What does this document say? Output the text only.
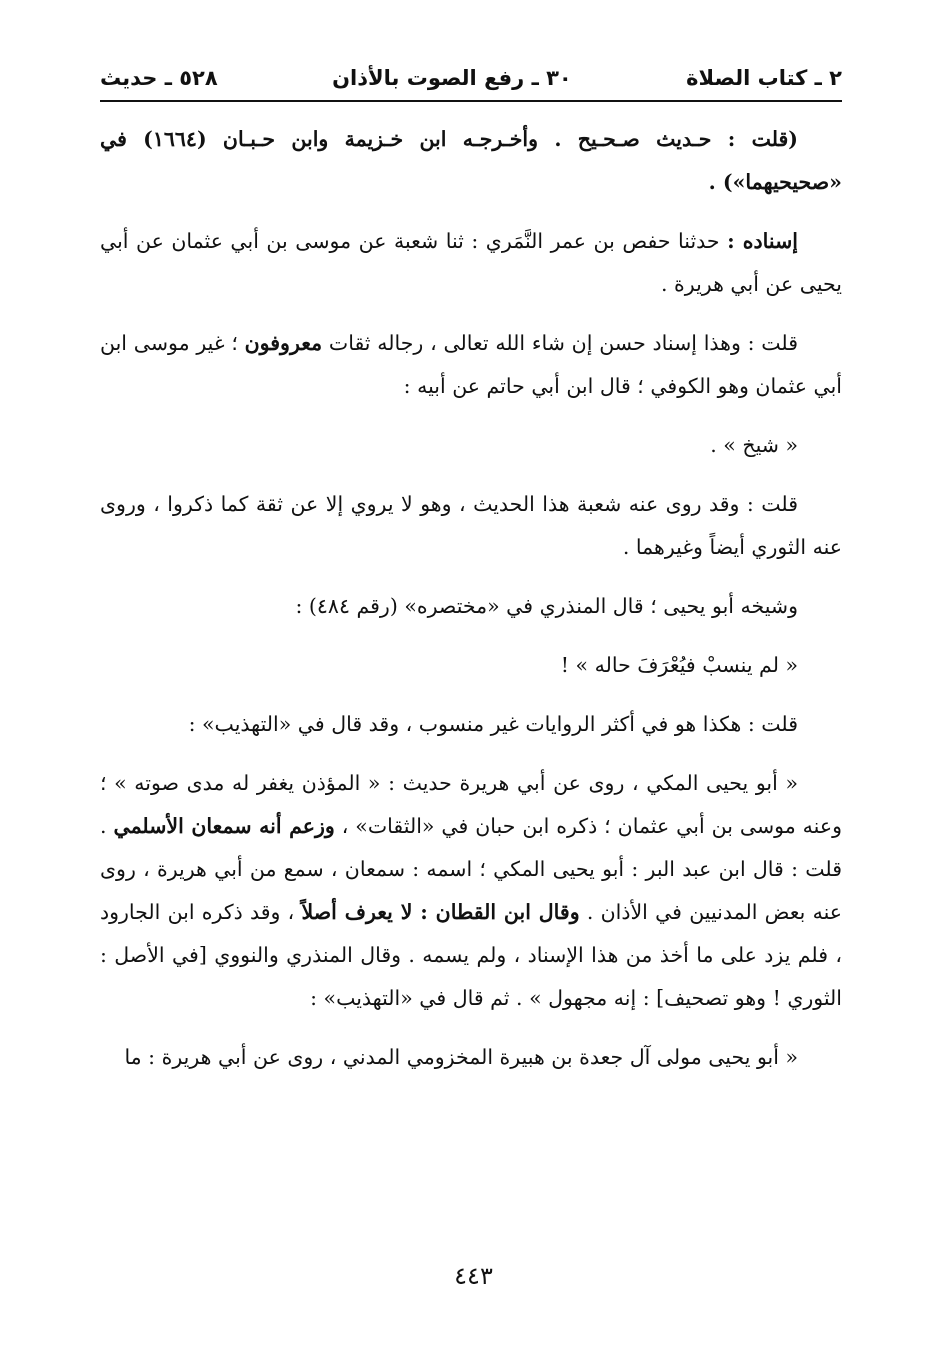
٢ ـ كتاب الصلاة
٣٠ ـ رفع الصوت بالأذان
٥٢٨ ـ حديث

(قلت : حـديث صـحـيح . وأخـرجـه ابن خـزيمة وابن حـبـان (١٦٦٤) في «صحيحيهما») .

إسناده : حدثنا حفص بن عمر النَّمَري : ثنا شعبة عن موسى بن أبي عثمان عن أبي يحيى عن أبي هريرة .

قلت : وهذا إسناد حسن إن شاء الله تعالى ، رجاله ثقات معروفون ؛ غير موسى ابن أبي عثمان وهو الكوفي ؛ قال ابن أبي حاتم عن أبيه :

« شيخ » .

قلت : وقد روى عنه شعبة هذا الحديث ، وهو لا يروي إلا عن ثقة كما ذكروا ، وروى عنه الثوري أيضاً وغيرهما .

وشيخه أبو يحيى ؛ قال المنذري في «مختصره» (رقم ٤٨٤) :

« لم ينسبْ فيُعْرَفَ حاله » !

قلت : هكذا هو في أكثر الروايات غير منسوب ، وقد قال في «التهذيب» :

« أبو يحيى المكي ، روى عن أبي هريرة حديث : « المؤذن يغفر له مدى صوته » ؛ وعنه موسى بن أبي عثمان ؛ ذكره ابن حبان في «الثقات» ، وزعم أنه سمعان الأسلمي . قلت : قال ابن عبد البر : أبو يحيى المكي ؛ اسمه : سمعان ، سمع من أبي هريرة ، روى عنه بعض المدنيين في الأذان . وقال ابن القطان : لا يعرف أصلاً ، وقد ذكره ابن الجارود ، فلم يزد على ما أخذ من هذا الإسناد ، ولم يسمه . وقال المنذري والنووي [في الأصل : الثوري ! وهو تصحيف] : إنه مجهول » . ثم قال في «التهذيب» :

« أبو يحيى مولى آل جعدة بن هبيرة المخزومي المدني ، روى عن أبي هريرة : ما

٤٤٣
